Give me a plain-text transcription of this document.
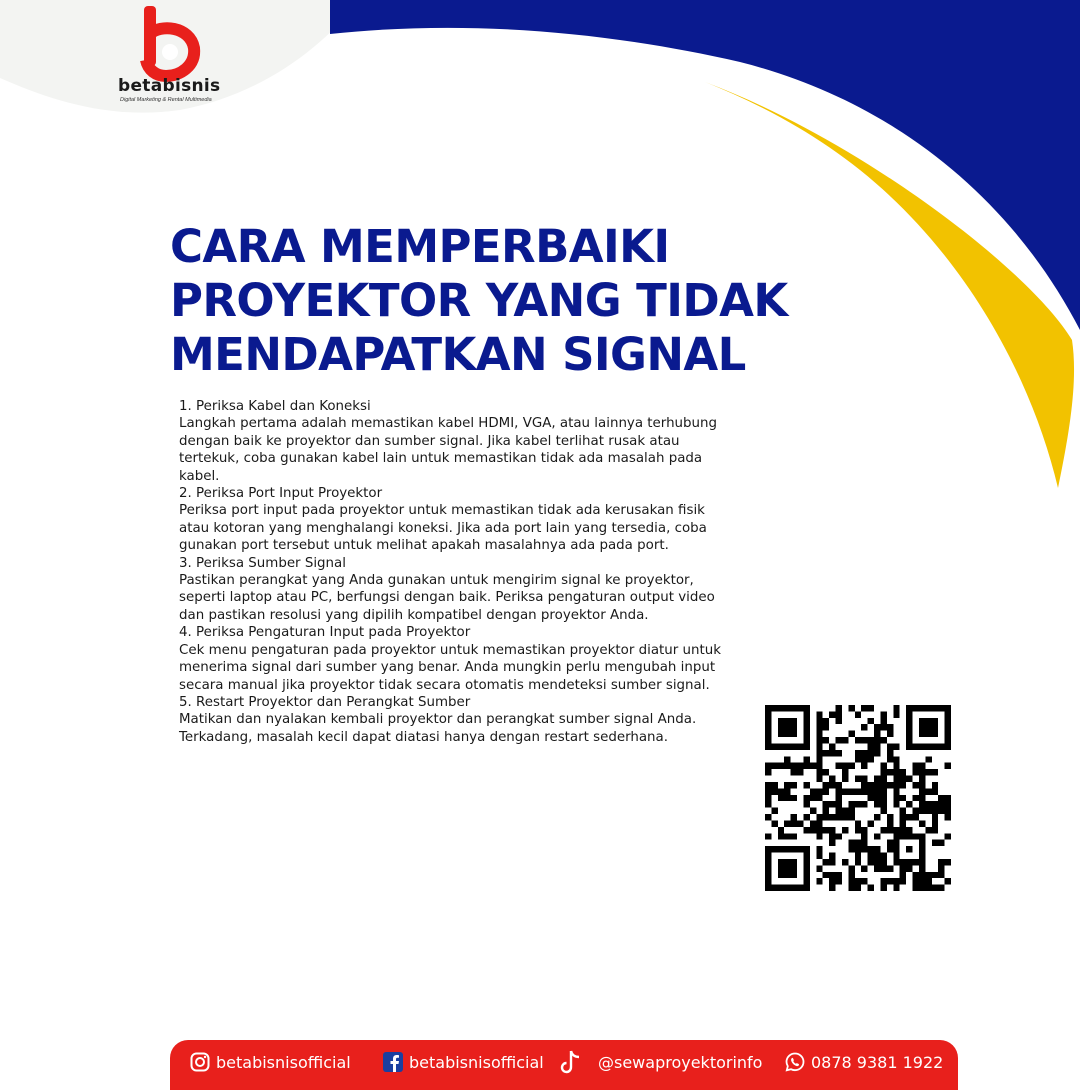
betabisnis
Digital Marketing & Rental Multimedia
CARA MEMPERBAIKI
PROYEKTOR YANG TIDAK
MENDAPATKAN SIGNAL
1. Periksa Kabel dan Koneksi
Langkah pertama adalah memastikan kabel HDMI, VGA, atau lainnya terhubung
dengan baik ke proyektor dan sumber signal. Jika kabel terlihat rusak atau
tertekuk, coba gunakan kabel lain untuk memastikan tidak ada masalah pada
kabel.
2. Periksa Port Input Proyektor
Periksa port input pada proyektor untuk memastikan tidak ada kerusakan fisik
atau kotoran yang menghalangi koneksi. Jika ada port lain yang tersedia, coba
gunakan port tersebut untuk melihat apakah masalahnya ada pada port.
3. Periksa Sumber Signal
Pastikan perangkat yang Anda gunakan untuk mengirim signal ke proyektor,
seperti laptop atau PC, berfungsi dengan baik. Periksa pengaturan output video
dan pastikan resolusi yang dipilih kompatibel dengan proyektor Anda.
4. Periksa Pengaturan Input pada Proyektor
Cek menu pengaturan pada proyektor untuk memastikan proyektor diatur untuk
menerima signal dari sumber yang benar. Anda mungkin perlu mengubah input
secara manual jika proyektor tidak secara otomatis mendeteksi sumber signal.
5. Restart Proyektor dan Perangkat Sumber
Matikan dan nyalakan kembali proyektor dan perangkat sumber signal Anda.
Terkadang, masalah kecil dapat diatasi hanya dengan restart sederhana.
betabisnisofficial	betabisnisofficial	@sewaproyektorinfo	0878 9381 1922
